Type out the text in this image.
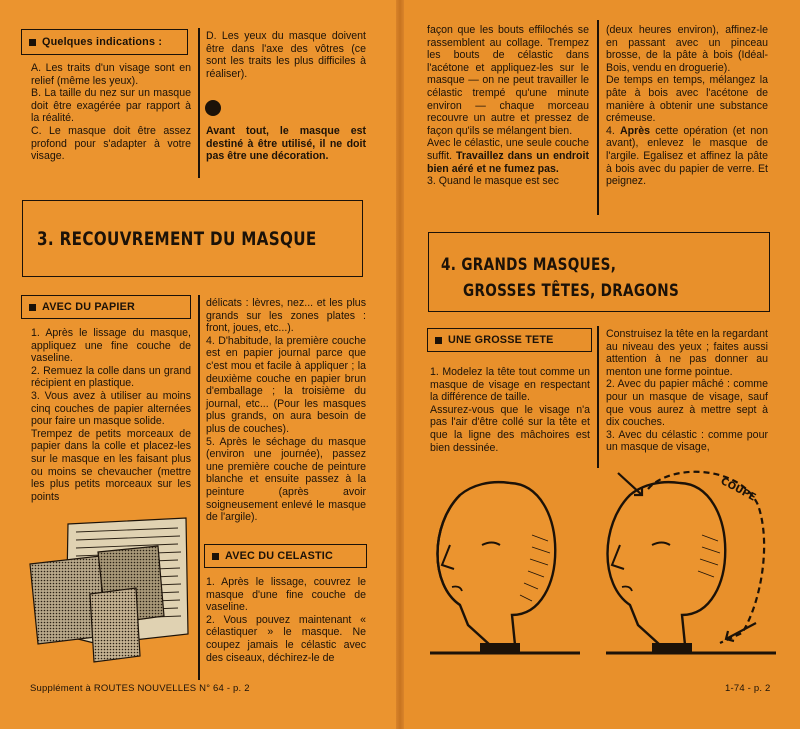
Quelques indications :

A. Les traits d'un visage sont en relief (même les yeux).

B. La taille du nez sur un masque doit être exagérée par rapport à la réalité.

C. Le masque doit être assez profond pour s'adapter à votre visage.

D. Les yeux du masque doivent être dans l'axe des vôtres (ce sont les traits les plus difficiles à réaliser).

Avant tout, le masque est destiné à être utilisé, il ne doit pas être une décoration.

3. RECOUVREMENT DU MASQUE
AVEC DU PAPIER

1. Après le lissage du masque, appliquez une fine couche de vaseline.

2. Remuez la colle dans un grand récipient en plastique.

3. Vous avez à utiliser au moins cinq couches de papier alternées pour faire un masque solide.

Trempez de petits morceaux de papier dans la colle et placez-les sur le masque en les faisant plus ou moins se chevaucher (mettre les plus petits morceaux sur les points

délicats : lèvres, nez... et les plus grands sur les zones plates : front, joues, etc...).

4. D'habitude, la première couche est en papier journal parce que c'est mou et facile à appliquer ; la deuxième couche en papier brun d'emballage ; la troisième du journal, etc... (Pour les masques plus grands, on aura besoin de plus de couches).

5. Après le séchage du masque (environ une journée), passez une première couche de peinture blanche et ensuite passez à la peinture (après avoir soigneusement enlevé le masque de l'argile).

AVEC DU CELASTIC

1. Après le lissage, couvrez le masque d'une fine couche de vaseline.

2. Vous pouvez maintenant « célastiquer » le masque. Ne coupez jamais le célastic avec des ciseaux, déchirez-le de

Supplément à ROUTES NOUVELLES N° 64 - p. 2

façon que les bouts effilochés se rassemblent au collage. Trempez les bouts de célastic dans l'acétone et appliquez-les sur le masque — on ne peut travailler le célastic trempé qu'une minute environ — chaque morceau recouvre un autre et pressez de façon qu'ils se mélangent bien.

Avec le célastic, une seule couche suffit. Travaillez dans un endroit bien aéré et ne fumez pas.

3. Quand le masque est sec

(deux heures environ), affinez-le en passant avec un pinceau brosse, de la pâte à bois (Idéal-Bois, vendu en droguerie).

De temps en temps, mélangez la pâte à bois avec l'acétone de manière à obtenir une substance crémeuse.

4. Après cette opération (et non avant), enlevez le masque de l'argile. Egalisez et affinez la pâte à bois avec du papier de verre. Et peignez.

4. GRANDS MASQUES,
GROSSES TÊTES, DRAGONS
UNE GROSSE TETE

1. Modelez la tête tout comme un masque de visage en respectant la différence de taille.

Assurez-vous que le visage n'a pas l'air d'être collé sur la tête et que la ligne des mâchoires est bien dessinée.

Construisez la tête en la regardant au niveau des yeux ; faites aussi attention à ne pas donner au menton une forme pointue.

2. Avec du papier mâché : comme pour un masque de visage, sauf que vous aurez à mettre sept à dix couches.

3. Avec du célastic : comme pour un masque de visage,

COUPE
1-74 - p. 2
